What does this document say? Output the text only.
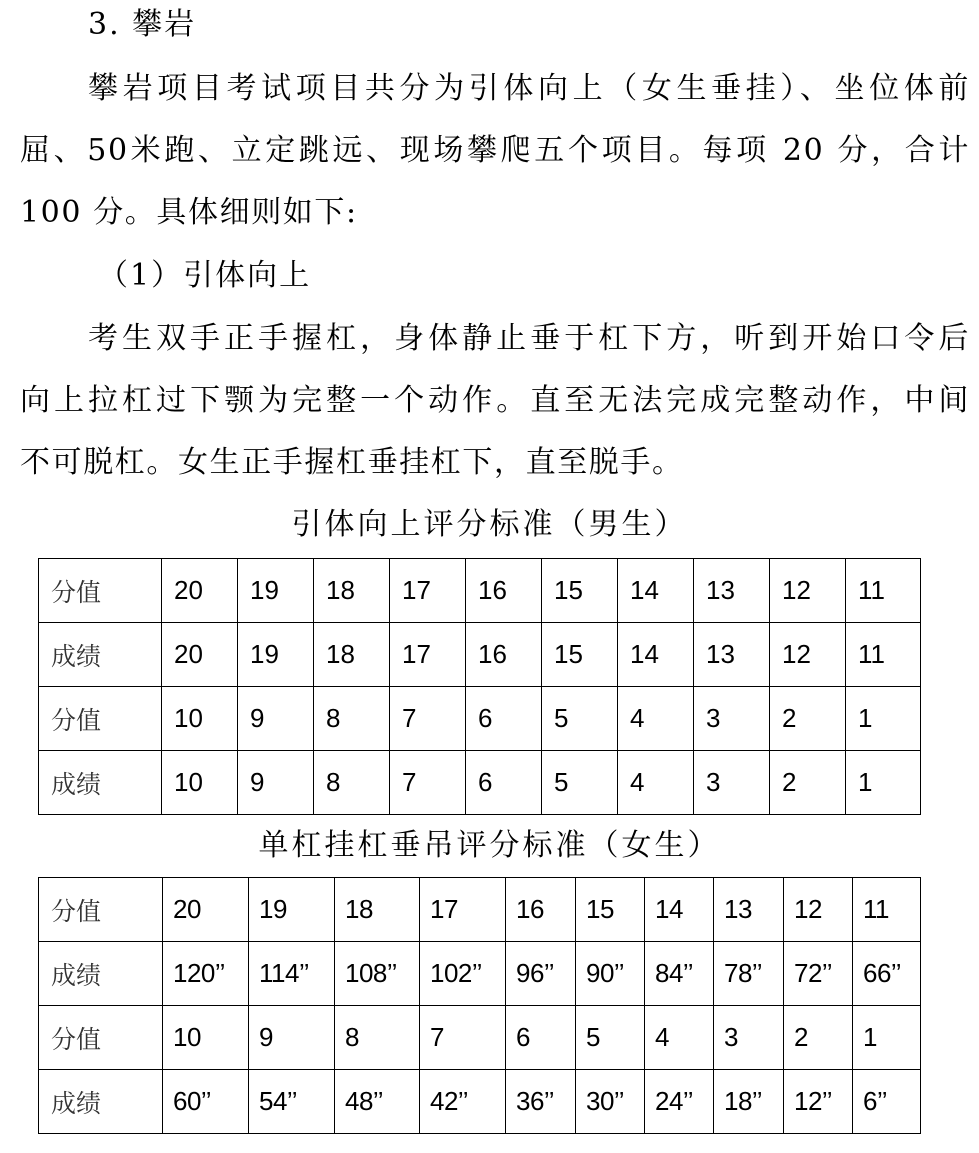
3. 攀岩
攀岩项目考试项目共分为引体向上（女生垂挂）、坐位体前
屈、50米跑、立定跳远、现场攀爬五个项目。每项 20 分，合计
100 分。具体细则如下:
（1）引体向上
考生双手正手握杠，身体静止垂于杠下方，听到开始口令后
向上拉杠过下颚为完整一个动作。直至无法完成完整动作，中间
不可脱杠。女生正手握杠垂挂杠下，直至脱手。
引体向上评分标准（男生）
分值	20	19	18	17	16	15	14	13	12	11
成绩	20	19	18	17	16	15	14	13	12	11
分值	10	9	8	7	6	5	4	3	2	1
成绩	10	9	8	7	6	5	4	3	2	1
单杠挂杠垂吊评分标准（女生）
分值	20	19	18	17	16	15	14	13	12	11
成绩	120’’	114’’	108’’	102’’	96’’	90’’	84’’	78’’	72’’	66’’
分值	10	9	8	7	6	5	4	3	2	1
成绩	60’’	54’’	48’’	42’’	36’’	30’’	24’’	18’’	12’’	6’’
